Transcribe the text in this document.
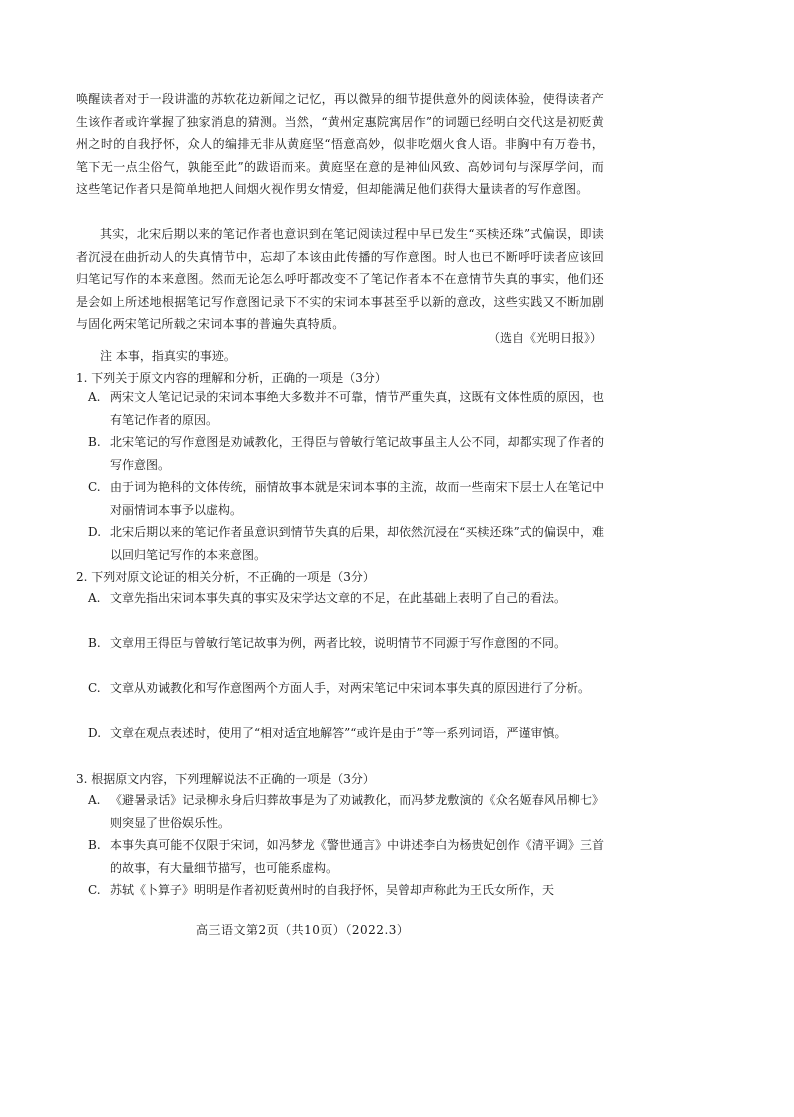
唤醒读者对于一段讲滥的苏软花边新闻之记忆，再以微异的细节提供意外的阅读体验，使得读者产生该作者或许掌握了独家消息的猜测。当然，“黄州定惠院寓居作”的词题已经明白交代这是初贬黄州之时的自我抒怀，众人的编排无非从黄庭坚“悟意高妙，似非吃烟火食人语。非胸中有万卷书，笔下无一点尘俗气，孰能至此”的跋语而来。黄庭坚在意的是神仙风致、高妙词句与深厚学问，而这些笔记作者只是简单地把人间烟火视作男女情爱，但却能满足他们获得大量读者的写作意图。
其实，北宋后期以来的笔记作者也意识到在笔记阅读过程中早已发生“买椟还珠”式偏误，即读者沉浸在曲折动人的失真情节中，忘却了本该由此传播的写作意图。时人也已不断呼吁读者应该回归笔记写作的本来意图。然而无论怎么呼吁都改变不了笔记作者本不在意情节失真的事实，他们还是会如上所述地根据笔记写作意图记录下不实的宋词本事甚至乎以新的意改，这些实践又不断加剧与固化两宋笔记所载之宋词本事的普遍失真特质。
（选自《光明日报》）
注 本事，指真实的事迹。
1. 下列关于原文内容的理解和分析，正确的一项是（3分）
A. 两宋文人笔记记录的宋词本事绝大多数并不可靠，情节严重失真，这既有文体性质的原因，也有笔记作者的原因。
B. 北宋笔记的写作意图是劝诫教化，王得臣与曾敏行笔记故事虽主人公不同，却都实现了作者的写作意图。
C. 由于词为艳科的文体传统，丽情故事本就是宋词本事的主流，故而一些南宋下层士人在笔记中对丽情词本事予以虚构。
D. 北宋后期以来的笔记作者虽意识到情节失真的后果，却依然沉浸在“买椟还珠”式的偏误中，难以回归笔记写作的本来意图。
2. 下列对原文论证的相关分析，不正确的一项是（3分）
A. 文章先指出宋词本事失真的事实及宋学达文章的不足，在此基础上表明了自己的看法。
B. 文章用王得臣与曾敏行笔记故事为例，两者比较，说明情节不同源于写作意图的不同。
C. 文章从劝诫教化和写作意图两个方面人手，对两宋笔记中宋词本事失真的原因进行了分析。
D. 文章在观点表述时，使用了“相对适宜地解答”“或许是由于”等一系列词语，严谨审慎。
3. 根据原文内容，下列理解说法不正确的一项是（3分）
A. 《避暑录话》记录柳永身后归葬故事是为了劝诫教化，而冯梦龙敷演的《众名姬春风吊柳七》则突显了世俗娱乐性。
B. 本事失真可能不仅限于宋词，如冯梦龙《警世通言》中讲述李白为杨贵妃创作《清平调》三首的故事，有大量细节描写，也可能系虚构。
C. 苏轼《卜算子》明明是作者初贬黄州时的自我抒怀，吴曾却声称此为王氏女所作，天
高三语文第2页（共10页）（2022.3）
